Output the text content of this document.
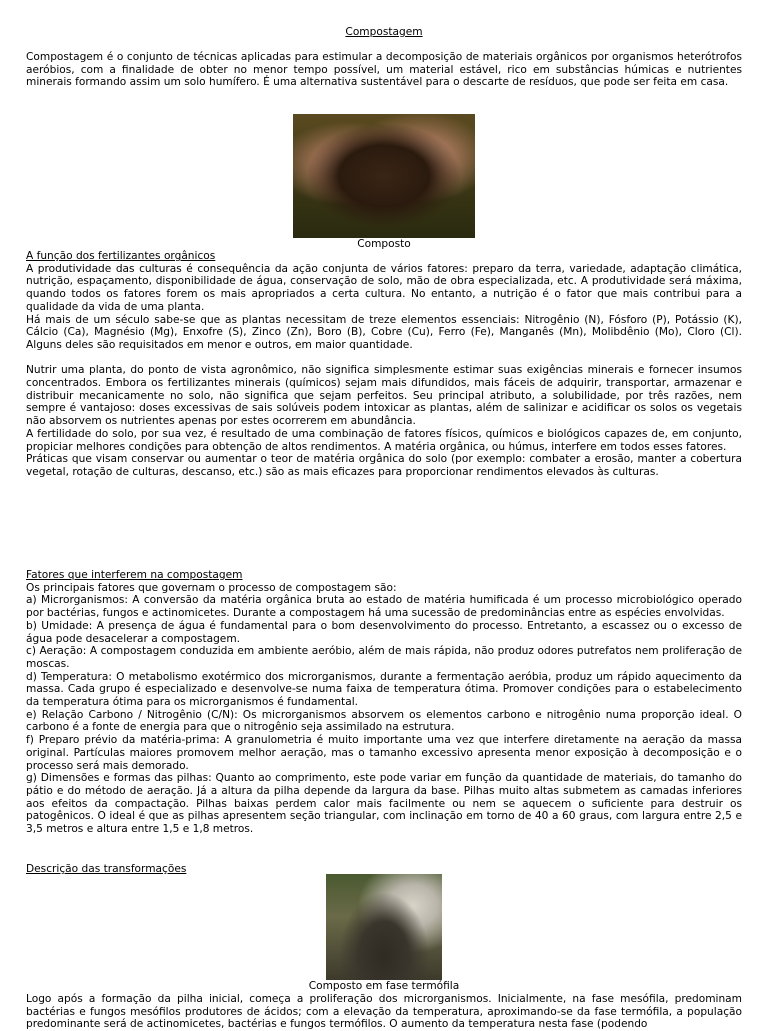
Compostagem

Compostagem é o conjunto de técnicas aplicadas para estimular a decomposição de materiais orgânicos por organismos heterótrofos aeróbios, com a finalidade de obter no menor tempo possível, um material estável, rico em substâncias húmicas e nutrientes minerais formando assim um solo humífero. É uma alternativa sustentável para o descarte de resíduos, que pode ser feita em casa.

Composto

A função dos fertilizantes orgânicos

A produtividade das culturas é consequência da ação conjunta de vários fatores: preparo da terra, variedade, adaptação climática, nutrição, espaçamento, disponibilidade de água, conservação de solo, mão de obra especializada, etc. A produtividade será máxima, quando todos os fatores forem os mais apropriados a certa cultura. No entanto, a nutrição é o fator que mais contribui para a qualidade da vida de uma planta.

Há mais de um século sabe-se que as plantas necessitam de treze elementos essenciais: Nitrogênio (N), Fósforo (P), Potássio (K), Cálcio (Ca), Magnésio (Mg), Enxofre (S), Zinco (Zn), Boro (B), Cobre (Cu), Ferro (Fe), Manganês (Mn), Molibdênio (Mo), Cloro (Cl). Alguns deles são requisitados em menor e outros, em maior quantidade.

Nutrir uma planta, do ponto de vista agronômico, não significa simplesmente estimar suas exigências minerais e fornecer insumos concentrados. Embora os fertilizantes minerais (químicos) sejam mais difundidos, mais fáceis de adquirir, transportar, armazenar e distribuir mecanicamente no solo, não significa que sejam perfeitos. Seu principal atributo, a solubilidade, por três razões, nem sempre é vantajoso: doses excessivas de sais solúveis podem intoxicar as plantas, além de salinizar e acidificar os solos os vegetais não absorvem os nutrientes apenas por estes ocorrerem em abundância.

A fertilidade do solo, por sua vez, é resultado de uma combinação de fatores físicos, químicos e biológicos capazes de, em conjunto, propiciar melhores condições para obtenção de altos rendimentos. A matéria orgânica, ou húmus, interfere em todos esses fatores.

Práticas que visam conservar ou aumentar o teor de matéria orgânica do solo (por exemplo: combater a erosão, manter a cobertura vegetal, rotação de culturas, descanso, etc.) são as mais eficazes para proporcionar rendimentos elevados às culturas.

Fatores que interferem na compostagem

Os principais fatores que governam o processo de compostagem são:

a) Microrganismos: A conversão da matéria orgânica bruta ao estado de matéria humificada é um processo microbiológico operado por bactérias, fungos e actinomicetes. Durante a compostagem há uma sucessão de predominâncias entre as espécies envolvidas.

b) Umidade: A presença de água é fundamental para o bom desenvolvimento do processo. Entretanto, a escassez ou o excesso de água pode desacelerar a compostagem.

c) Aeração: A compostagem conduzida em ambiente aeróbio, além de mais rápida, não produz odores putrefatos nem proliferação de moscas.

d) Temperatura: O metabolismo exotérmico dos microrganismos, durante a fermentação aeróbia, produz um rápido aquecimento da massa. Cada grupo é especializado e desenvolve-se numa faixa de temperatura ótima. Promover condições para o estabelecimento da temperatura ótima para os microrganismos é fundamental.

e) Relação Carbono / Nitrogênio (C/N): Os microrganismos absorvem os elementos carbono e nitrogênio numa proporção ideal. O carbono é a fonte de energia para que o nitrogênio seja assimilado na estrutura.

f) Preparo prévio da matéria-prima: A granulometria é muito importante uma vez que interfere diretamente na aeração da massa original. Partículas maiores promovem melhor aeração, mas o tamanho excessivo apresenta menor exposição à decomposição e o processo será mais demorado.

g) Dimensões e formas das pilhas: Quanto ao comprimento, este pode variar em função da quantidade de materiais, do tamanho do pátio e do método de aeração. Já a altura da pilha depende da largura da base. Pilhas muito altas submetem as camadas inferiores aos efeitos da compactação. Pilhas baixas perdem calor mais facilmente ou nem se aquecem o suficiente para destruir os patogênicos. O ideal é que as pilhas apresentem seção triangular, com inclinação em torno de 40 a 60 graus, com largura entre 2,5 e 3,5 metros e altura entre 1,5 e 1,8 metros.

Descrição das transformações

Composto em fase termófila

Logo após a formação da pilha inicial, começa a proliferação dos microrganismos. Inicialmente, na fase mesófila, predominam bactérias e fungos mesófilos produtores de ácidos; com a elevação da temperatura, aproximando-se da fase termófila, a população predominante será de actinomicetes, bactérias e fungos termófilos. O aumento da temperatura nesta fase (podendo
